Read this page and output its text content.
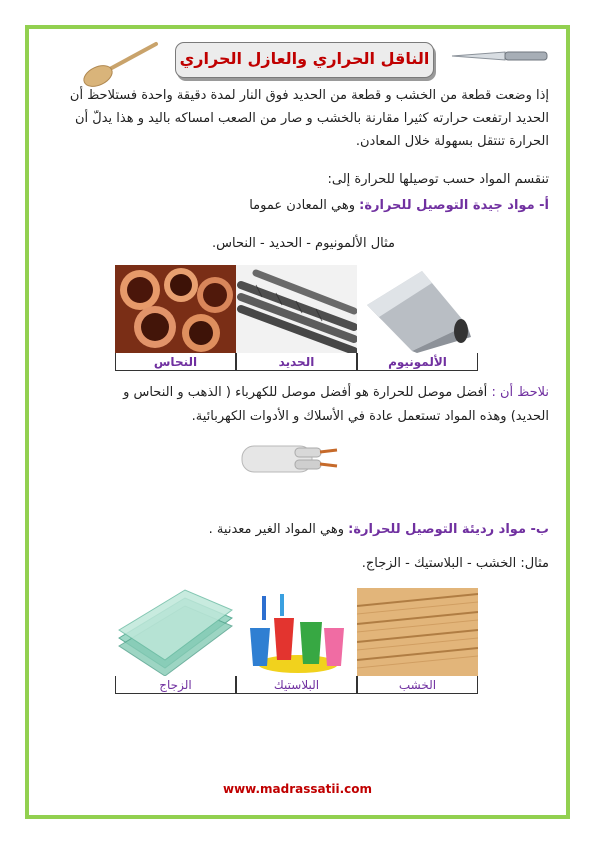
الناقل الحراري والعازل الحراري

إذا وضعت قطعة من الخشب و قطعة من الحديد فوق النار لمدة دقيقة واحدة فستلاحظ أن الحديد ارتفعت حرارته كثيرا مقارنة بالخشب و صار من الصعب امساكه باليد و هذا يدلّ أن الحرارة تنتقل بسهولة خلال المعادن.

تنقسم المواد حسب توصيلها للحرارة إلى:
أ- مواد جيدة التوصيل للحرارة: وهي المعادن عموما
مثال الألمونيوم - الحديد - النحاس.
النحاس	الحديد	الألمونيوم
نلاحظ أن : أفضل موصل للحرارة هو أفضل موصل للكهرباء ( الذهب و النحاس و
الحديد) وهذه المواد تستعمل عادة في الأسلاك و الأدوات الكهربائية.
ب- مواد رديئة التوصيل للحرارة: وهي المواد الغير معدنية .
مثال: الخشب - البلاستيك - الزجاج.
الزجاج	البلاستيك	الخشب
www.madrassatii.com
